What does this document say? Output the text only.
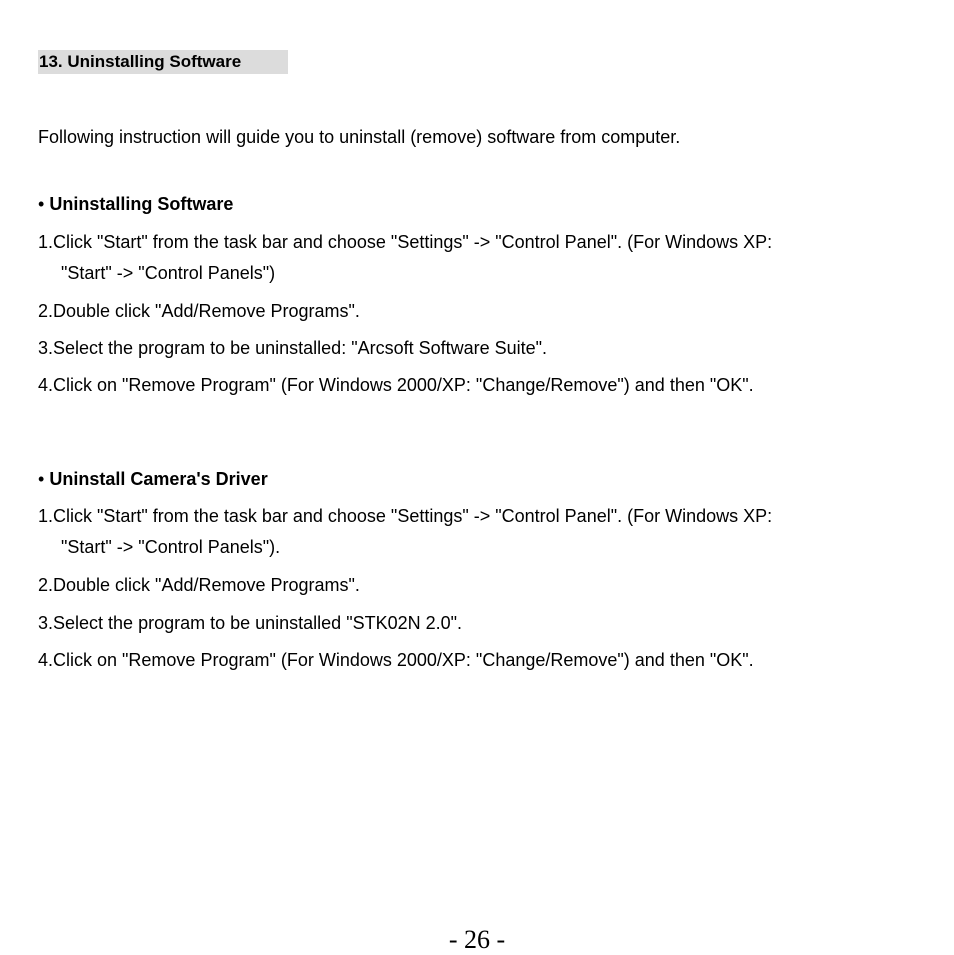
13. Uninstalling Software
Following instruction will guide you to uninstall (remove) software from computer.
• Uninstalling Software
1.Click "Start" from the task bar and choose "Settings" -> "Control Panel". (For Windows XP:
"Start" -> "Control Panels")
2.Double click "Add/Remove Programs".
3.Select the program to be uninstalled: "Arcsoft Software Suite".
4.Click on "Remove Program" (For Windows 2000/XP: "Change/Remove") and then "OK".
• Uninstall Camera's Driver
1.Click "Start" from the task bar and choose "Settings" -> "Control Panel". (For Windows XP:
"Start" -> "Control Panels").
2.Double click "Add/Remove Programs".
3.Select the program to be uninstalled "STK02N 2.0".
4.Click on "Remove Program" (For Windows 2000/XP: "Change/Remove") and then "OK".
- 26 -
